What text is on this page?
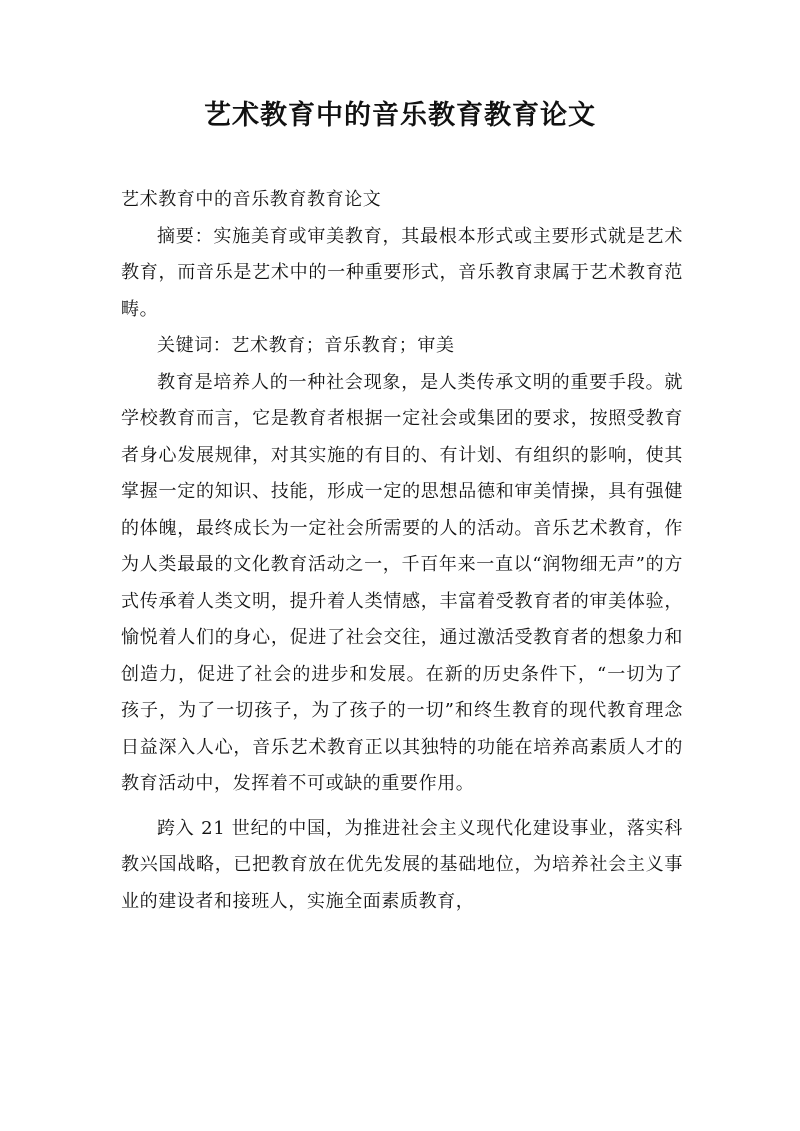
艺术教育中的音乐教育教育论文

艺术教育中的音乐教育教育论文

摘要：实施美育或审美教育，其最根本形式或主要形式就是艺术教育，而音乐是艺术中的一种重要形式，音乐教育隶属于艺术教育范畴。

关键词：艺术教育；音乐教育；审美

教育是培养人的一种社会现象，是人类传承文明的重要手段。就学校教育而言，它是教育者根据一定社会或集团的要求，按照受教育者身心发展规律，对其实施的有目的、有计划、有组织的影响，使其掌握一定的知识、技能，形成一定的思想品德和审美情操，具有强健的体魄，最终成长为一定社会所需要的人的活动。音乐艺术教育，作为人类最最的文化教育活动之一，千百年来一直以“润物细无声”的方式传承着人类文明，提升着人类情感，丰富着受教育者的审美体验，愉悦着人们的身心，促进了社会交往，通过激活受教育者的想象力和创造力，促进了社会的进步和发展。在新的历史条件下，“一切为了孩子，为了一切孩子，为了孩子的一切”和终生教育的现代教育理念日益深入人心，音乐艺术教育正以其独特的功能在培养高素质人才的教育活动中，发挥着不可或缺的重要作用。

跨入 21 世纪的中国，为推进社会主义现代化建设事业，落实科教兴国战略，已把教育放在优先发展的基础地位，为培养社会主义事业的建设者和接班人，实施全面素质教育，
